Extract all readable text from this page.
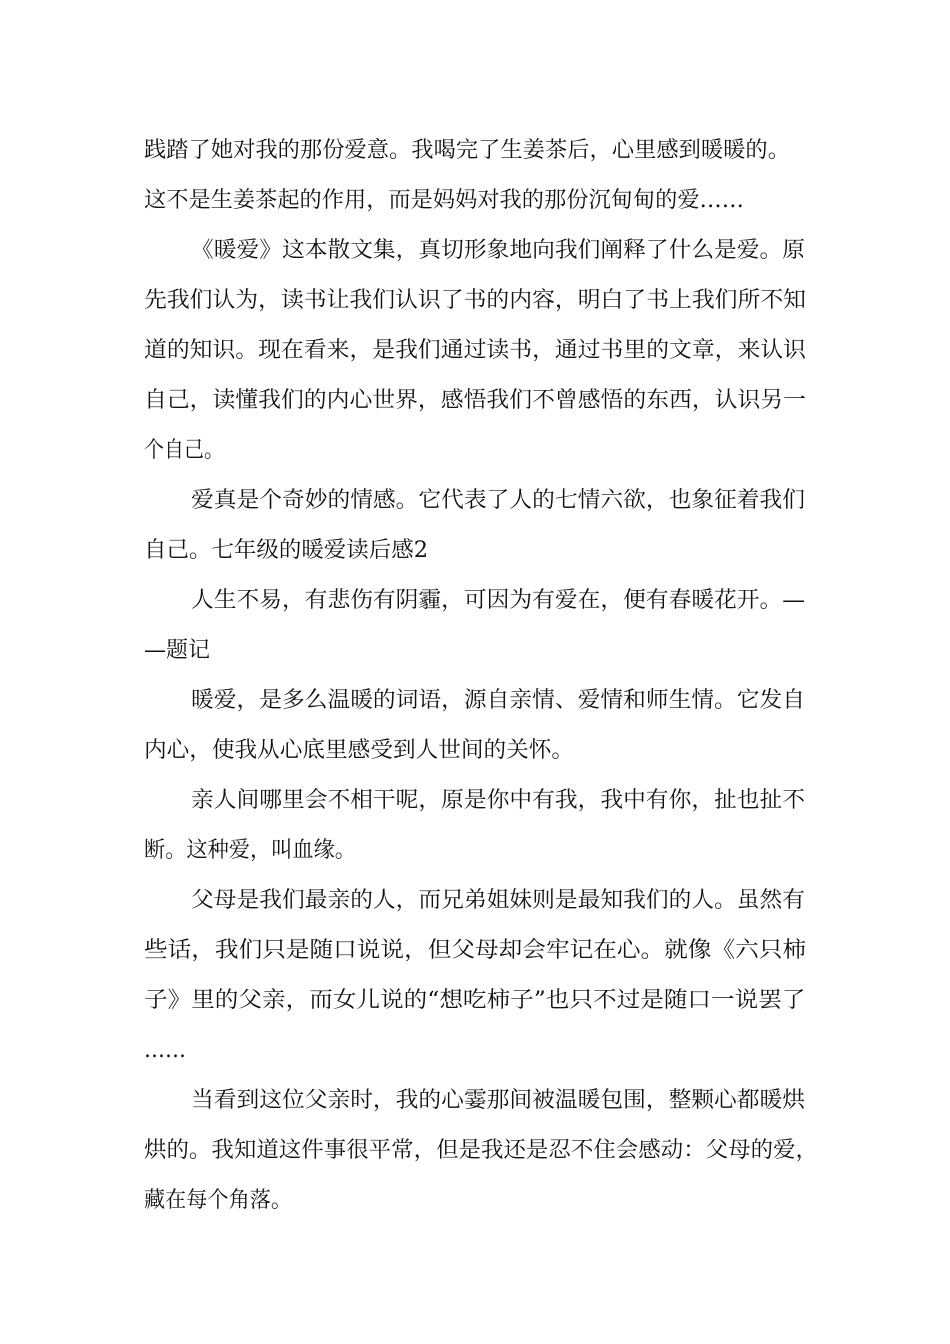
践踏了她对我的那份爱意。我喝完了生姜茶后，心里感到暖暖的。
这不是生姜茶起的作用，而是妈妈对我的那份沉甸甸的爱……
《暖爱》这本散文集，真切形象地向我们阐释了什么是爱。原
先我们认为，读书让我们认识了书的内容，明白了书上我们所不知
道的知识。现在看来，是我们通过读书，通过书里的文章，来认识
自己，读懂我们的内心世界，感悟我们不曾感悟的东西，认识另一
个自己。
爱真是个奇妙的情感。它代表了人的七情六欲，也象征着我们
自己。七年级的暖爱读后感2
人生不易，有悲伤有阴霾，可因为有爱在，便有春暖花开。—
—题记
暖爱，是多么温暖的词语，源自亲情、爱情和师生情。它发自
内心，使我从心底里感受到人世间的关怀。
亲人间哪里会不相干呢，原是你中有我，我中有你，扯也扯不
断。这种爱，叫血缘。
父母是我们最亲的人，而兄弟姐妹则是最知我们的人。虽然有
些话，我们只是随口说说，但父母却会牢记在心。就像《六只柿
子》里的父亲，而女儿说的“想吃柿子”也只不过是随口一说罢了
……
当看到这位父亲时，我的心霎那间被温暖包围，整颗心都暖烘
烘的。我知道这件事很平常，但是我还是忍不住会感动：父母的爱，
藏在每个角落。
